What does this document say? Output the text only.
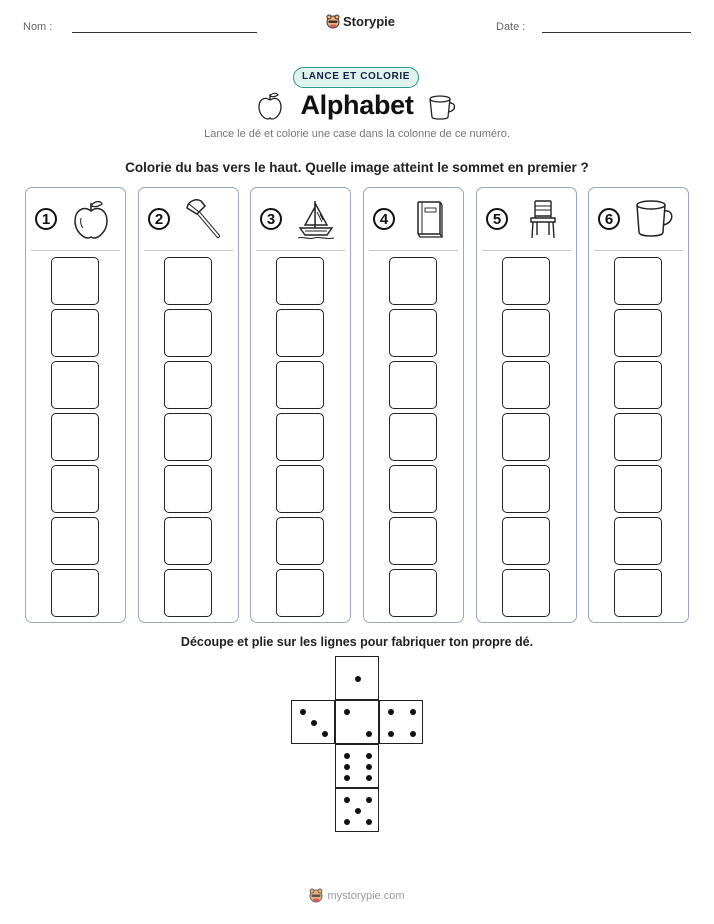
Nom :	Storypie	Date :
LANCE ET COLORIE
Alphabet
Lance le dé et colorie une case dans la colonne de ce numéro.
Colorie du bas vers le haut. Quelle image atteint le sommet en premier ?
1	2	3	4	5	6
Découpe et plie sur les lignes pour fabriquer ton propre dé.
mystorypie.com
